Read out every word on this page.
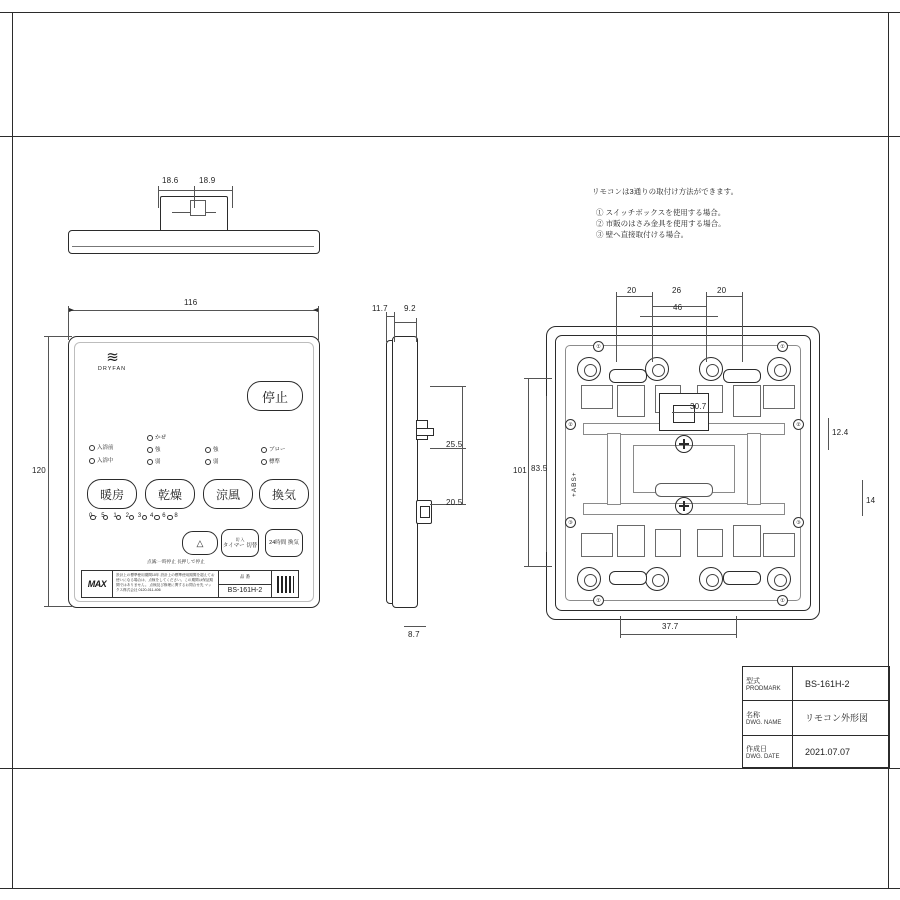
リモコンは3通りの取付け方法ができます。
① スイッチボックスを使用する場合。
② 市販のはさみ金具を使用する場合。
③ 壁へ直接取付ける場合。
18.6	18.9
≋
DRYFAN
停止
入浴前
入浴中
かぜ
強
弱
強
弱
ブロー
標準
暖房	乾燥	涼風	換気
0.5 1 2 3 4 6 8
△	切 入
タイマー 切替
24時間 換気
点滅:一時停止 長押しで停止
MAX
設計上の標準使用期間10年 設計上の標準使用期間を超えてお使いになる場合は、点検をしてください。この期間は保証期間ではありません。 点検及び修理に関するお問合せ先 マックス株式会社 0120-011-406
品 番
BS-161H-2
116
120
11.7 9.2
25.5
20.5
8.7
+ABS+
①	①
①	①
②	②
③	③
20	26	20
46
101 83.5
30.7
12.4
14
37.7
型式
PRODMARK	BS-161H-2
名称
DWG. NAME	リモコン外形図
作成日
DWG. DATE	2021.07.07
